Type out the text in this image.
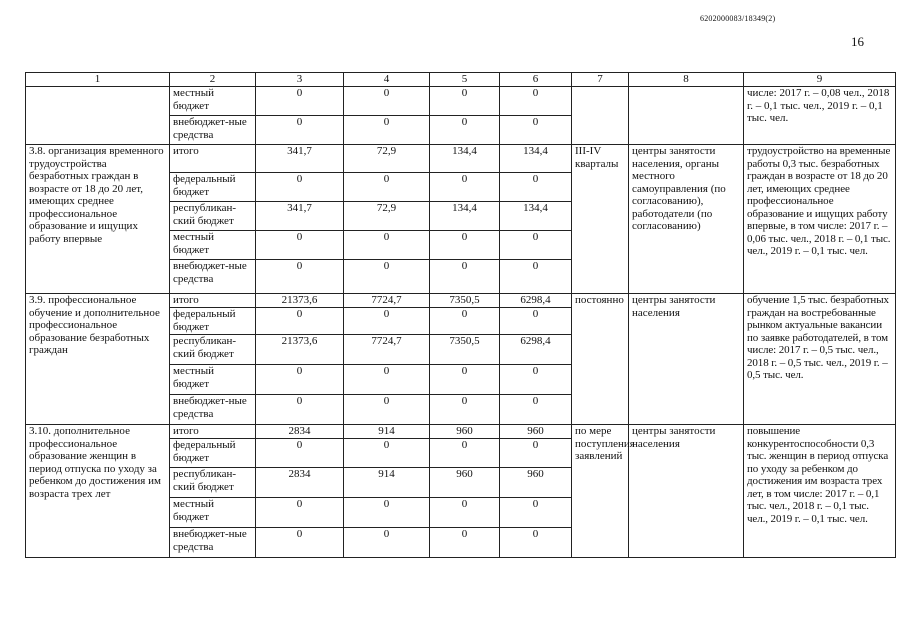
6202000083/18349(2)
16
1	2	3	4	5	6	7	8	9
	местный бюджет	0	0	0	0			числе: 2017 г. – 0,08 чел., 2018 г. – 0,1 тыс. чел., 2019 г. – 0,1 тыс. чел.
	внебюджет-ные средства	0	0	0	0			
3.8. организация временного трудоустройства безработных граждан в возрасте от 18 до 20 лет, имеющих среднее профессиональное образование и ищущих работу впервые	итого	341,7	72,9	134,4	134,4	III-IV кварталы	центры занятости населения, органы местного самоуправления (по согласованию), работодатели (по согласованию)	трудоустройство на временные работы 0,3 тыс. безработных граждан в возрасте от 18 до 20 лет, имеющих среднее профессиональное образование и ищущих работу впервые, в том числе: 2017 г. – 0,06 тыс. чел., 2018 г. – 0,1 тыс. чел., 2019 г. – 0,1 тыс. чел.
	федеральный бюджет	0	0	0	0			
	республикан-ский бюджет	341,7	72,9	134,4	134,4			
	местный бюджет	0	0	0	0			
	внебюджет-ные средства	0	0	0	0			
3.9. профессиональное обучение и дополнительное профессиональное образование безработных граждан	итого	21373,6	7724,7	7350,5	6298,4	постоянно	центры занятости населения	обучение 1,5 тыс. безработных граждан на востребованные рынком актуальные вакансии по заявке работодателей, в том числе: 2017 г. – 0,5 тыс. чел., 2018 г. – 0,5 тыс. чел., 2019 г. – 0,5 тыс. чел.
	федеральный бюджет	0	0	0	0			
	республикан-ский бюджет	21373,6	7724,7	7350,5	6298,4			
	местный бюджет	0	0	0	0			
	внебюджет-ные средства	0	0	0	0			
3.10. дополнительное профессиональное образование женщин в период отпуска по уходу за ребенком до достижения им возраста трех лет	итого	2834	914	960	960	по мере поступления заявлений	центры занятости населения	повышение конкурентоспособности 0,3 тыс. женщин в период отпуска по уходу за ребенком до достижения им возраста трех лет, в том числе: 2017 г. – 0,1 тыс. чел., 2018 г. – 0,1 тыс. чел., 2019 г. – 0,1 тыс. чел.
	федеральный бюджет	0	0	0	0			
	республикан-ский бюджет	2834	914	960	960			
	местный бюджет	0	0	0	0			
	внебюджет-ные средства	0	0	0	0			
